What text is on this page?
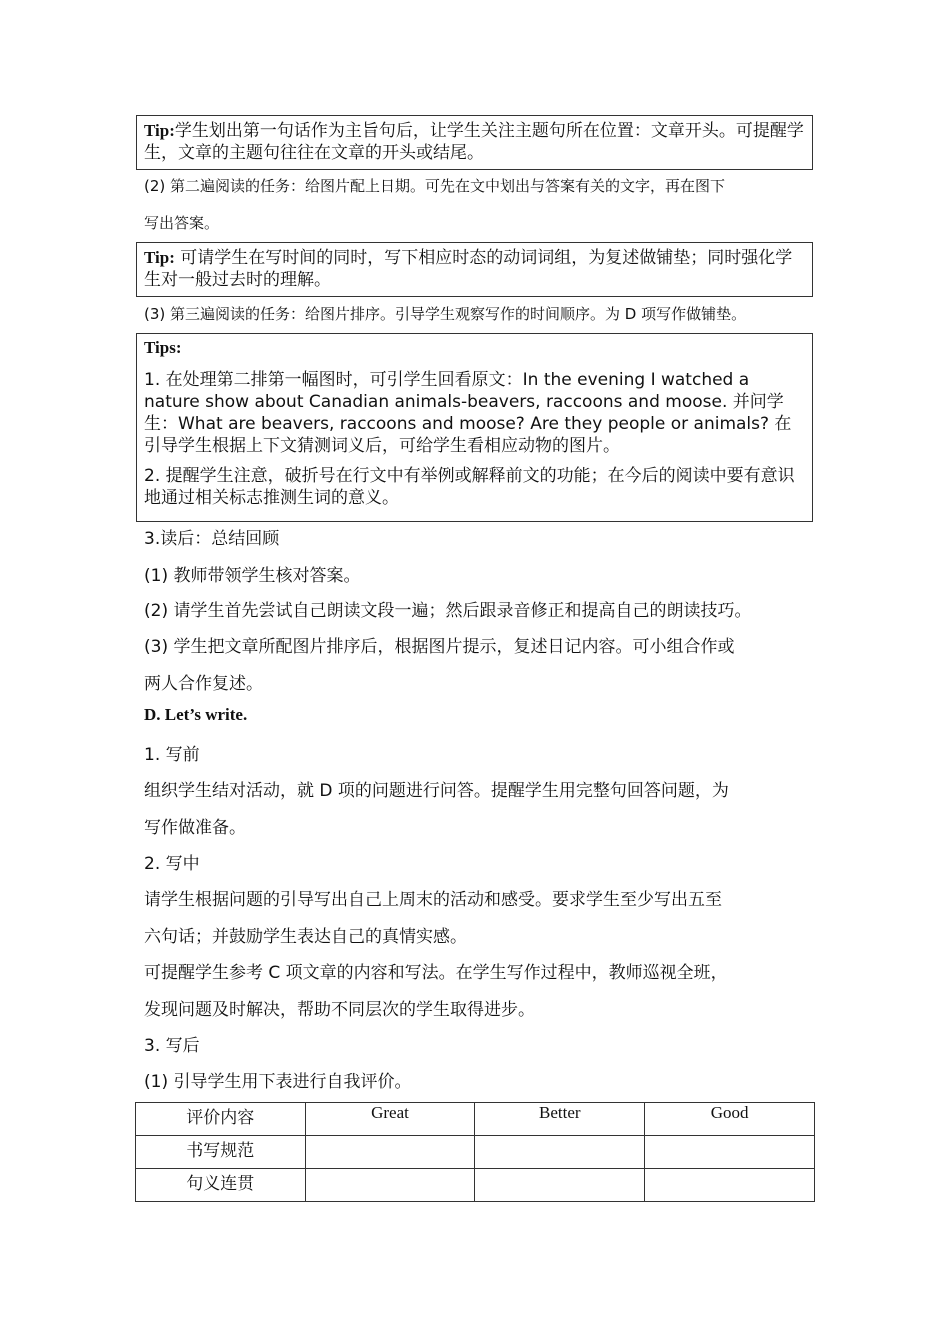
Tip:学生划出第一句话作为主旨句后，让学生关注主题句所在位置：文章开头。可提醒学生，文章的主题句往往在文章的开头或结尾。
(2) 第二遍阅读的任务：给图片配上日期。可先在文中划出与答案有关的文字，再在图下
写出答案。
Tip: 可请学生在写时间的同时，写下相应时态的动词词组，为复述做铺垫；同时强化学生对一般过去时的理解。
(3) 第三遍阅读的任务：给图片排序。引导学生观察写作的时间顺序。为 D 项写作做铺垫。

Tips:

1. 在处理第二排第一幅图时，可引学生回看原文：In the evening I watched a nature show about Canadian animals-beavers, raccoons and moose. 并问学生：What are beavers, raccoons and moose? Are they people or animals? 在引导学生根据上下文猜测词义后，可给学生看相应动物的图片。

2. 提醒学生注意，破折号在行文中有举例或解释前文的功能；在今后的阅读中要有意识地通过相关标志推测生词的意义。

3.读后：总结回顾
(1) 教师带领学生核对答案。
(2) 请学生首先尝试自己朗读文段一遍；然后跟录音修正和提高自己的朗读技巧。
(3) 学生把文章所配图片排序后，根据图片提示，复述日记内容。可小组合作或
两人合作复述。
D. Let’s write.
1. 写前
组织学生结对活动，就 D 项的问题进行问答。提醒学生用完整句回答问题，为
写作做准备。
2. 写中
请学生根据问题的引导写出自己上周末的活动和感受。要求学生至少写出五至
六句话；并鼓励学生表达自己的真情实感。
可提醒学生参考 C 项文章的内容和写法。在学生写作过程中，教师巡视全班，
发现问题及时解决，帮助不同层次的学生取得进步。
3. 写后
(1) 引导学生用下表进行自我评价。
评价内容	Great	Better	Good
书写规范			
句义连贯			
